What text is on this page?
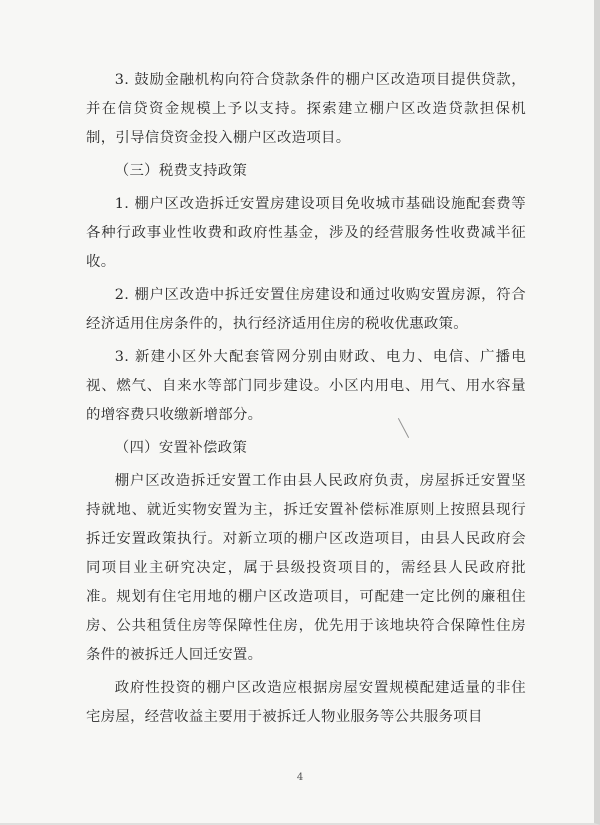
3. 鼓励金融机构向符合贷款条件的棚户区改造项目提供贷款，并在信贷资金规模上予以支持。探索建立棚户区改造贷款担保机制，引导信贷资金投入棚户区改造项目。

（三）税费支持政策

1. 棚户区改造拆迁安置房建设项目免收城市基础设施配套费等各种行政事业性收费和政府性基金，涉及的经营服务性收费减半征收。

2. 棚户区改造中拆迁安置住房建设和通过收购安置房源，符合经济适用住房条件的，执行经济适用住房的税收优惠政策。

3. 新建小区外大配套管网分别由财政、电力、电信、广播电视、燃气、自来水等部门同步建设。小区内用电、用气、用水容量的增容费只收缴新增部分。

（四）安置补偿政策

棚户区改造拆迁安置工作由县人民政府负责，房屋拆迁安置坚持就地、就近实物安置为主，拆迁安置补偿标准原则上按照县现行拆迁安置政策执行。对新立项的棚户区改造项目，由县人民政府会同项目业主研究决定，属于县级投资项目的，需经县人民政府批准。规划有住宅用地的棚户区改造项目，可配建一定比例的廉租住房、公共租赁住房等保障性住房，优先用于该地块符合保障性住房条件的被拆迁人回迁安置。

政府性投资的棚户区改造应根据房屋安置规模配建适量的非住宅房屋，经营收益主要用于被拆迁人物业服务等公共服务项目

4
